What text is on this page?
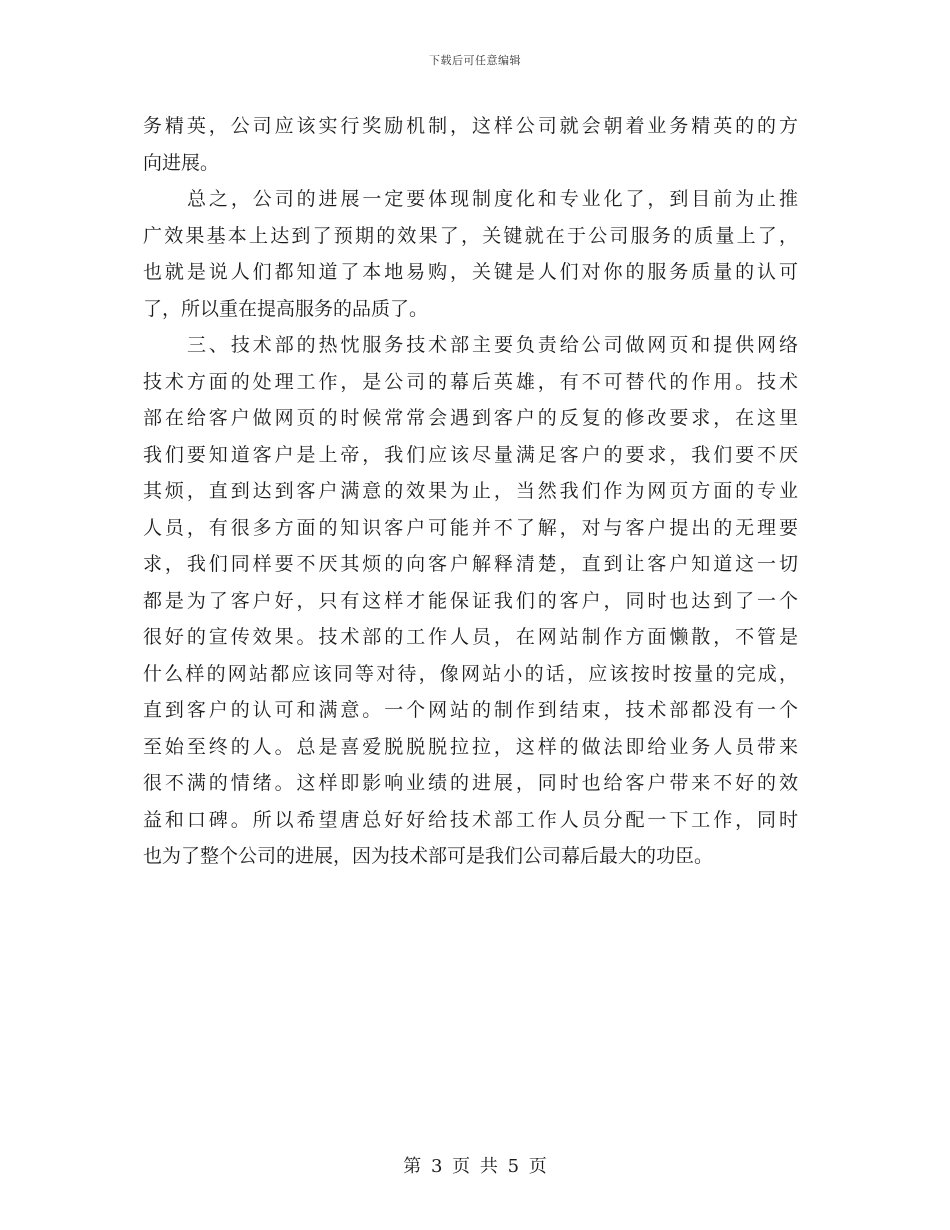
下载后可任意编辑
务精英，公司应该实行奖励机制，这样公司就会朝着业务精英的的方
向进展。
总之，公司的进展一定要体现制度化和专业化了，到目前为止推
广效果基本上达到了预期的效果了，关键就在于公司服务的质量上了，
也就是说人们都知道了本地易购，关键是人们对你的服务质量的认可
了，所以重在提高服务的品质了。
三、技术部的热忱服务技术部主要负责给公司做网页和提供网络
技术方面的处理工作，是公司的幕后英雄，有不可替代的作用。技术
部在给客户做网页的时候常常会遇到客户的反复的修改要求，在这里
我们要知道客户是上帝，我们应该尽量满足客户的要求，我们要不厌
其烦，直到达到客户满意的效果为止，当然我们作为网页方面的专业
人员，有很多方面的知识客户可能并不了解，对与客户提出的无理要
求，我们同样要不厌其烦的向客户解释清楚，直到让客户知道这一切
都是为了客户好，只有这样才能保证我们的客户，同时也达到了一个
很好的宣传效果。技术部的工作人员，在网站制作方面懒散，不管是
什么样的网站都应该同等对待，像网站小的话，应该按时按量的完成，
直到客户的认可和满意。一个网站的制作到结束，技术部都没有一个
至始至终的人。总是喜爱脱脱脱拉拉，这样的做法即给业务人员带来
很不满的情绪。这样即影响业绩的进展，同时也给客户带来不好的效
益和口碑。所以希望唐总好好给技术部工作人员分配一下工作，同时
也为了整个公司的进展，因为技术部可是我们公司幕后最大的功臣。
第 3 页 共 5 页
